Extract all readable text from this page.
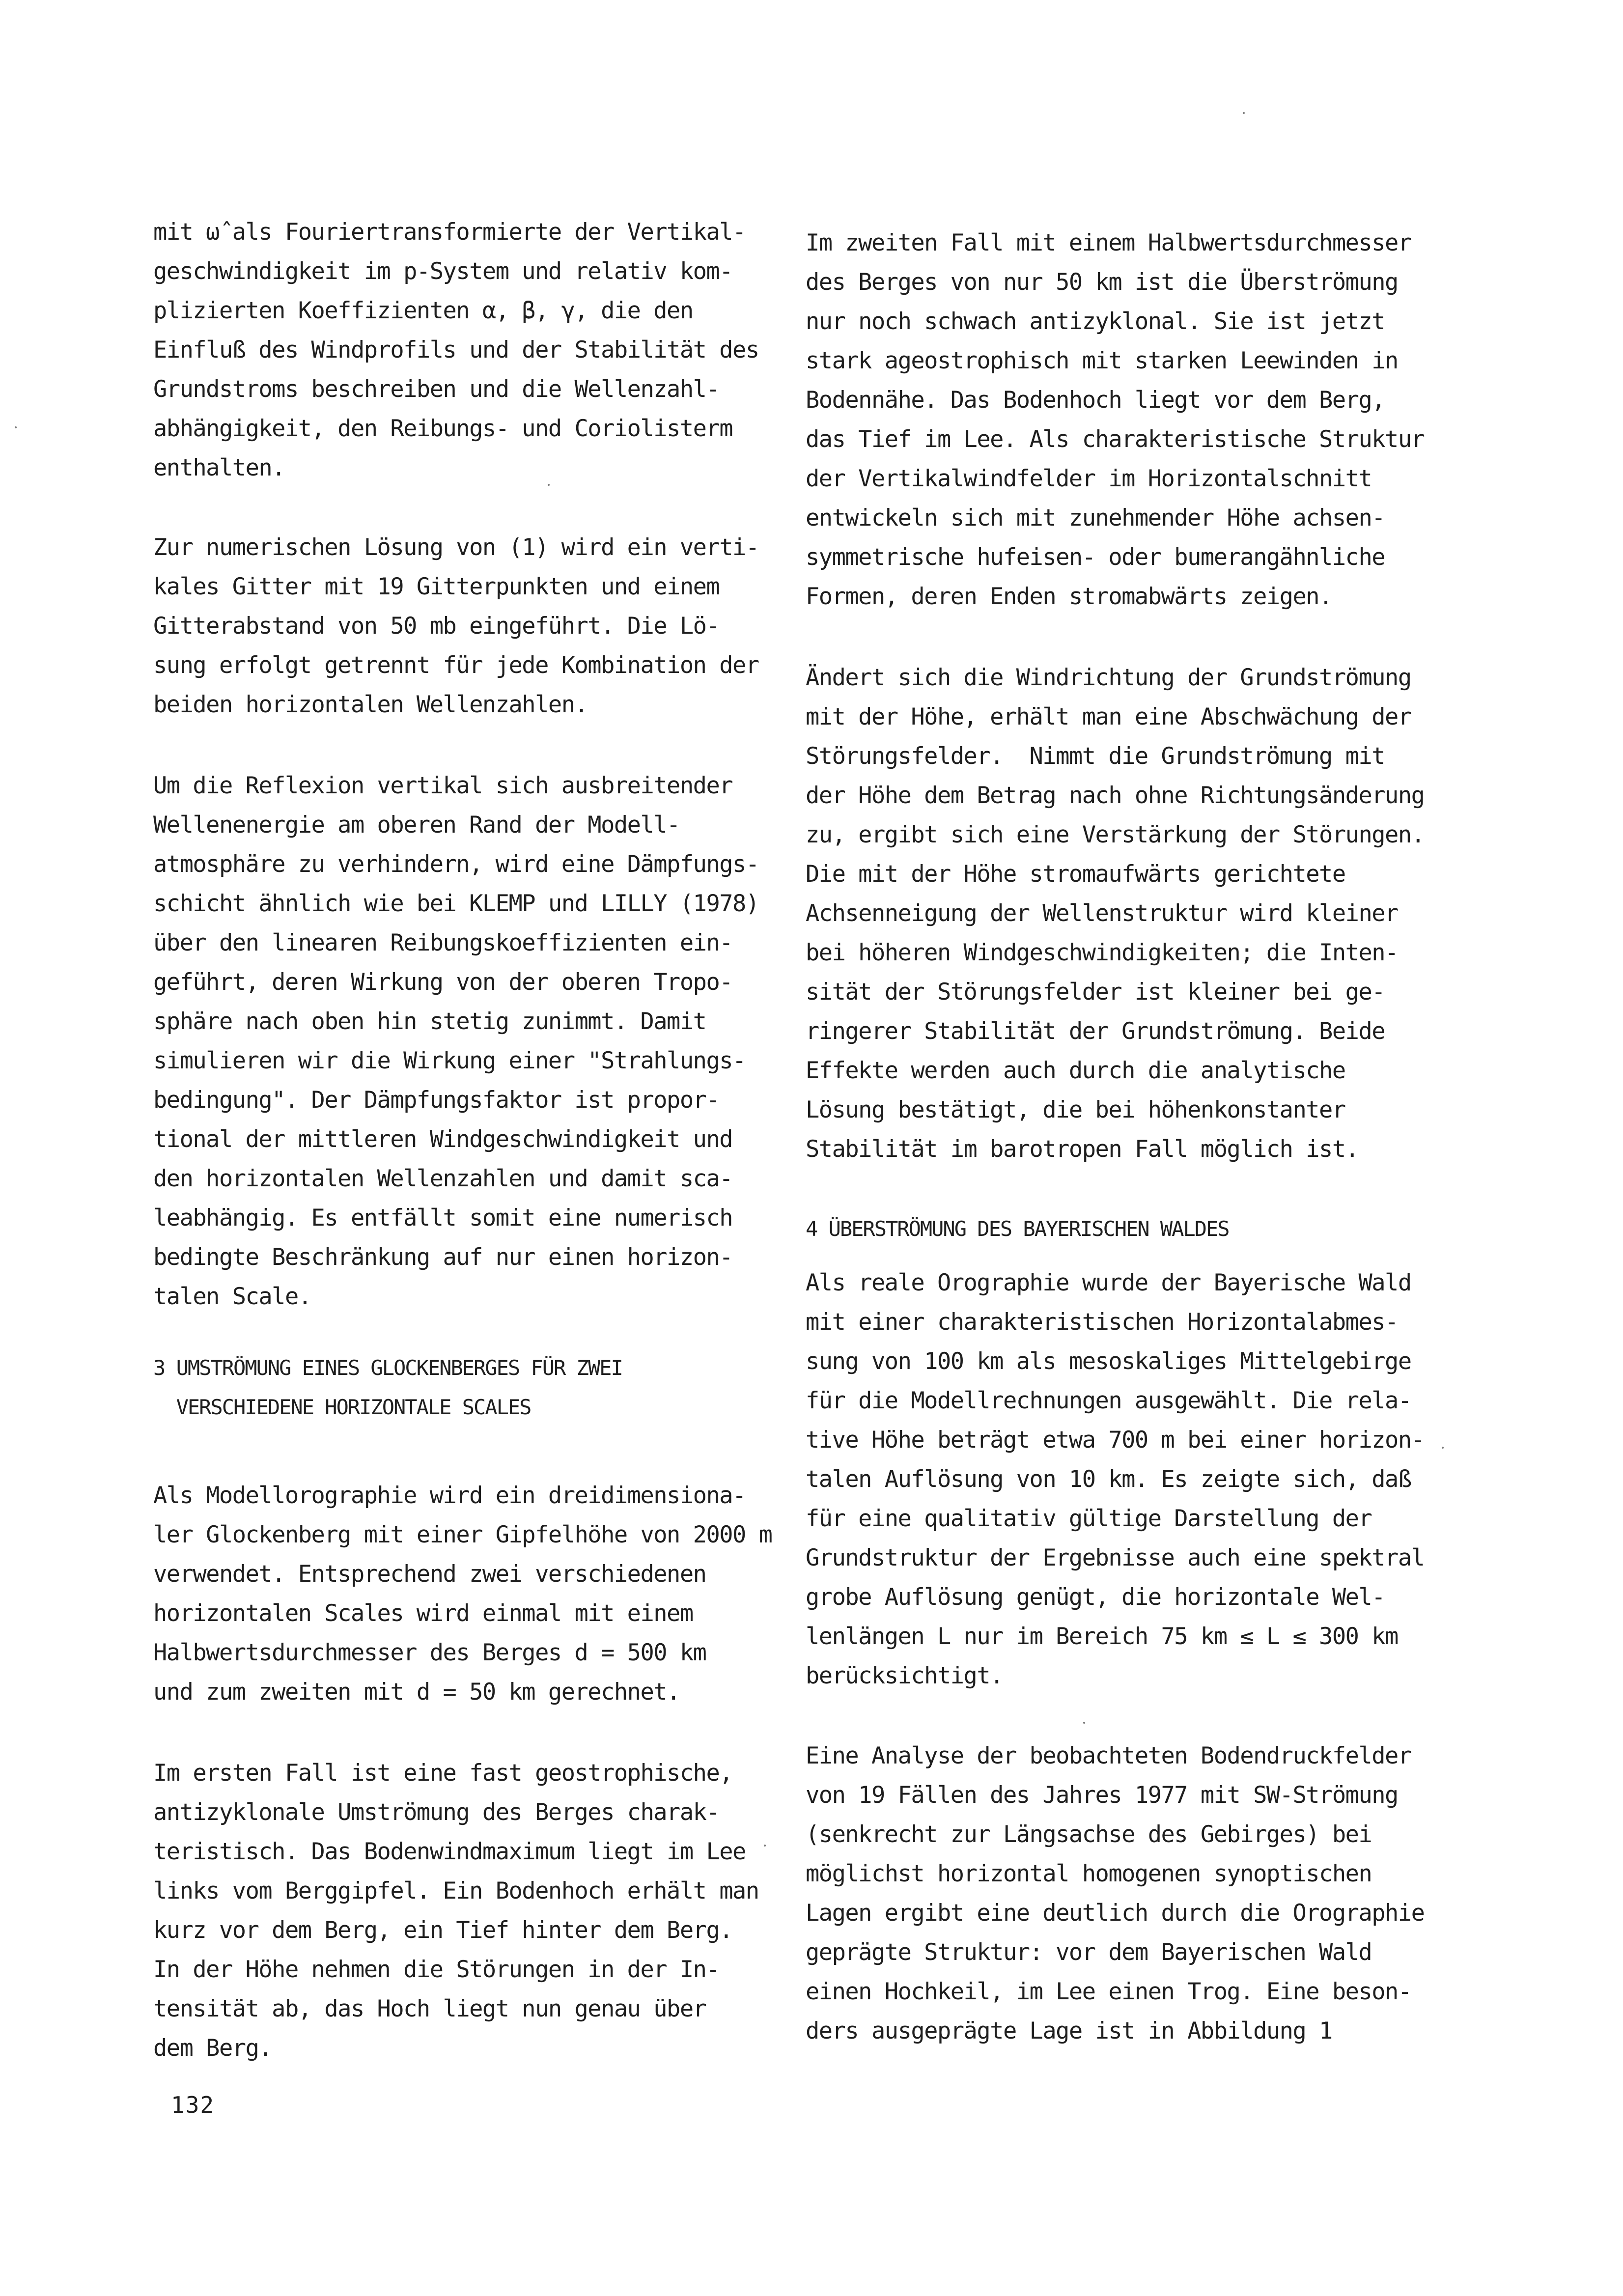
mit ω̂ als Fouriertransformierte der Vertikal-
geschwindigkeit im p-System und relativ kom-
plizierten Koeffizienten α, β, γ, die den
Einfluß des Windprofils und der Stabilität des
Grundstroms beschreiben und die Wellenzahl-
abhängigkeit, den Reibungs- und Coriolisterm
enthalten.
Zur numerischen Lösung von (1) wird ein verti-
kales Gitter mit 19 Gitterpunkten und einem
Gitterabstand von 50 mb eingeführt. Die Lö-
sung erfolgt getrennt für jede Kombination der
beiden horizontalen Wellenzahlen.
Um die Reflexion vertikal sich ausbreitender
Wellenenergie am oberen Rand der Modell-
atmosphäre zu verhindern, wird eine Dämpfungs-
schicht ähnlich wie bei KLEMP und LILLY (1978)
über den linearen Reibungskoeffizienten ein-
geführt, deren Wirkung von der oberen Tropo-
sphäre nach oben hin stetig zunimmt. Damit
simulieren wir die Wirkung einer "Strahlungs-
bedingung". Der Dämpfungsfaktor ist propor-
tional der mittleren Windgeschwindigkeit und
den horizontalen Wellenzahlen und damit sca-
leabhängig. Es entfällt somit eine numerisch
bedingte Beschränkung auf nur einen horizon-
talen Scale.
3 UMSTRÖMUNG EINES GLOCKENBERGES FÜR ZWEI
VERSCHIEDENE HORIZONTALE SCALES
Als Modellorographie wird ein dreidimensiona-
ler Glockenberg mit einer Gipfelhöhe von 2000 m
verwendet. Entsprechend zwei verschiedenen
horizontalen Scales wird einmal mit einem
Halbwertsdurchmesser des Berges d = 500 km
und zum zweiten mit d = 50 km gerechnet.
Im ersten Fall ist eine fast geostrophische,
antizyklonale Umströmung des Berges charak-
teristisch. Das Bodenwindmaximum liegt im Lee
links vom Berggipfel. Ein Bodenhoch erhält man
kurz vor dem Berg, ein Tief hinter dem Berg.
In der Höhe nehmen die Störungen in der In-
tensität ab, das Hoch liegt nun genau über
dem Berg.
Im zweiten Fall mit einem Halbwertsdurchmesser
des Berges von nur 50 km ist die Überströmung
nur noch schwach antizyklonal. Sie ist jetzt
stark ageostrophisch mit starken Leewinden in
Bodennähe. Das Bodenhoch liegt vor dem Berg,
das Tief im Lee. Als charakteristische Struktur
der Vertikalwindfelder im Horizontalschnitt
entwickeln sich mit zunehmender Höhe achsen-
symmetrische hufeisen- oder bumerangähnliche
Formen, deren Enden stromabwärts zeigen.
Ändert sich die Windrichtung der Grundströmung
mit der Höhe, erhält man eine Abschwächung der
Störungsfelder.  Nimmt die Grundströmung mit
der Höhe dem Betrag nach ohne Richtungsänderung
zu, ergibt sich eine Verstärkung der Störungen.
Die mit der Höhe stromaufwärts gerichtete
Achsenneigung der Wellenstruktur wird kleiner
bei höheren Windgeschwindigkeiten; die Inten-
sität der Störungsfelder ist kleiner bei ge-
ringerer Stabilität der Grundströmung. Beide
Effekte werden auch durch die analytische
Lösung bestätigt, die bei höhenkonstanter
Stabilität im barotropen Fall möglich ist.
4 ÜBERSTRÖMUNG DES BAYERISCHEN WALDES
Als reale Orographie wurde der Bayerische Wald
mit einer charakteristischen Horizontalabmes-
sung von 100 km als mesoskaliges Mittelgebirge
für die Modellrechnungen ausgewählt. Die rela-
tive Höhe beträgt etwa 700 m bei einer horizon-
talen Auflösung von 10 km. Es zeigte sich, daß
für eine qualitativ gültige Darstellung der
Grundstruktur der Ergebnisse auch eine spektral
grobe Auflösung genügt, die horizontale Wel-
lenlängen L nur im Bereich 75 km ≤ L ≤ 300 km
berücksichtigt.
Eine Analyse der beobachteten Bodendruckfelder
von 19 Fällen des Jahres 1977 mit SW-Strömung
(senkrecht zur Längsachse des Gebirges) bei
möglichst horizontal homogenen synoptischen
Lagen ergibt eine deutlich durch die Orographie
geprägte Struktur: vor dem Bayerischen Wald
einen Hochkeil, im Lee einen Trog. Eine beson-
ders ausgeprägte Lage ist in Abbildung 1
132
